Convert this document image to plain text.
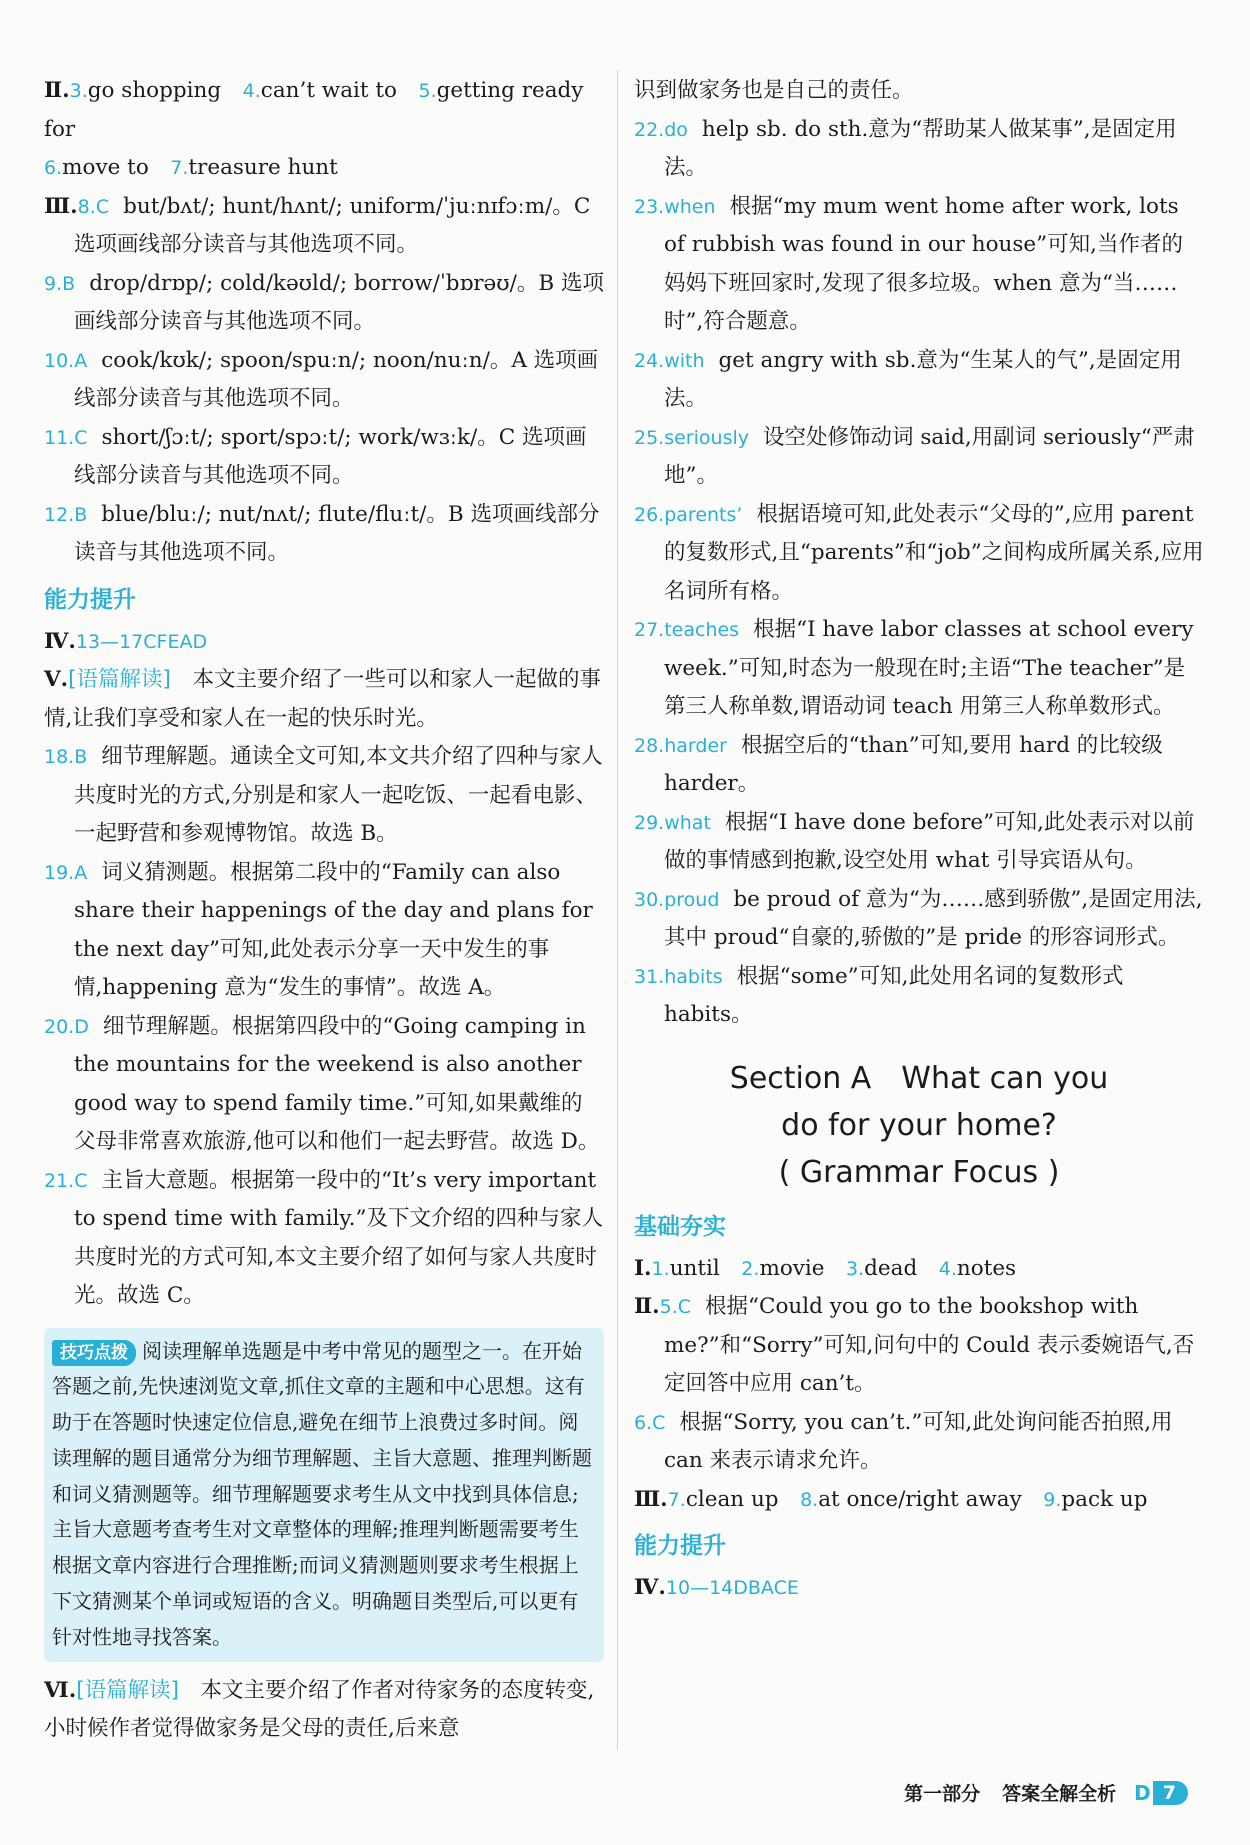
Ⅱ.3.go shopping　 4.can’t wait to　 5.getting ready for

6.move to　 7.treasure hunt

Ⅲ.8.C but/bʌt/; hunt/hʌnt/; uniform/ˈjuːnɪfɔːm/。C 选项画线部分读音与其他选项不同。

9.B drop/drɒp/; cold/kəʊld/; borrow/ˈbɒrəʊ/。B 选项画线部分读音与其他选项不同。

10.A cook/kʊk/; spoon/spuːn/; noon/nuːn/。A 选项画线部分读音与其他选项不同。

11.C short/ʃɔːt/; sport/spɔːt/; work/wɜːk/。C 选项画线部分读音与其他选项不同。

12.B blue/bluː/; nut/nʌt/; flute/fluːt/。B 选项画线部分读音与其他选项不同。

能力提升

Ⅳ.13—17CFEAD

Ⅴ.[语篇解读]　 本文主要介绍了一些可以和家人一起做的事情,让我们享受和家人在一起的快乐时光。

18.B 细节理解题。通读全文可知,本文共介绍了四种与家人共度时光的方式,分别是和家人一起吃饭、一起看电影、一起野营和参观博物馆。故选 B。

19.A 词义猜测题。根据第二段中的“Family can also share their happenings of the day and plans for the next day”可知,此处表示分享一天中发生的事情,happening 意为“发生的事情”。故选 A。

20.D 细节理解题。根据第四段中的“Going camping in the mountains for the weekend is also another good way to spend family time.”可知,如果戴维的父母非常喜欢旅游,他可以和他们一起去野营。故选 D。

21.C 主旨大意题。根据第一段中的“It’s very important to spend time with family.”及下文介绍的四种与家人共度时光的方式可知,本文主要介绍了如何与家人共度时光。故选 C。

技巧点拨 阅读理解单选题是中考中常见的题型之一。在开始答题之前,先快速浏览文章,抓住文章的主题和中心思想。这有助于在答题时快速定位信息,避免在细节上浪费过多时间。阅读理解的题目通常分为细节理解题、主旨大意题、推理判断题和词义猜测题等。细节理解题要求考生从文中找到具体信息;主旨大意题考查考生对文章整体的理解;推理判断题需要考生根据文章内容进行合理推断;而词义猜测题则要求考生根据上下文猜测某个单词或短语的含义。明确题目类型后,可以更有针对性地寻找答案。

Ⅵ.[语篇解读]　 本文主要介绍了作者对待家务的态度转变,小时候作者觉得做家务是父母的责任,后来意

识到做家务也是自己的责任。

22.do help sb. do sth.意为“帮助某人做某事”,是固定用法。

23.when 根据“my mum went home after work, lots of rubbish was found in our house”可知,当作者的妈妈下班回家时,发现了很多垃圾。when 意为“当……时”,符合题意。

24.with get angry with sb.意为“生某人的气”,是固定用法。

25.seriously 设空处修饰动词 said,用副词 seriously“严肃地”。

26.parents’ 根据语境可知,此处表示“父母的”,应用 parent 的复数形式,且“parents”和“job”之间构成所属关系,应用名词所有格。

27.teaches 根据“I have labor classes at school every week.”可知,时态为一般现在时;主语“The teacher”是第三人称单数,谓语动词 teach 用第三人称单数形式。

28.harder 根据空后的“than”可知,要用 hard 的比较级 harder。

29.what 根据“I have done before”可知,此处表示对以前做的事情感到抱歉,设空处用 what 引导宾语从句。

30.proud be proud of 意为“为……感到骄傲”,是固定用法,其中 proud“自豪的,骄傲的”是 pride 的形容词形式。

31.habits 根据“some”可知,此处用名词的复数形式 habits。

Section A　What can you
do for your home?
( Grammar Focus )

基础夯实

Ⅰ.1.until　 2.movie　 3.dead　 4.notes

Ⅱ.5.C 根据“Could you go to the bookshop with me?”和“Sorry”可知,问句中的 Could 表示委婉语气,否定回答中应用 can’t。

6.C 根据“Sorry, you can’t.”可知,此处询问能否拍照,用 can 来表示请求允许。

Ⅲ.7.clean up　 8.at once/right away　 9.pack up

能力提升

Ⅳ.10—14DBACE

第一部分 答案全解全析 D 7
